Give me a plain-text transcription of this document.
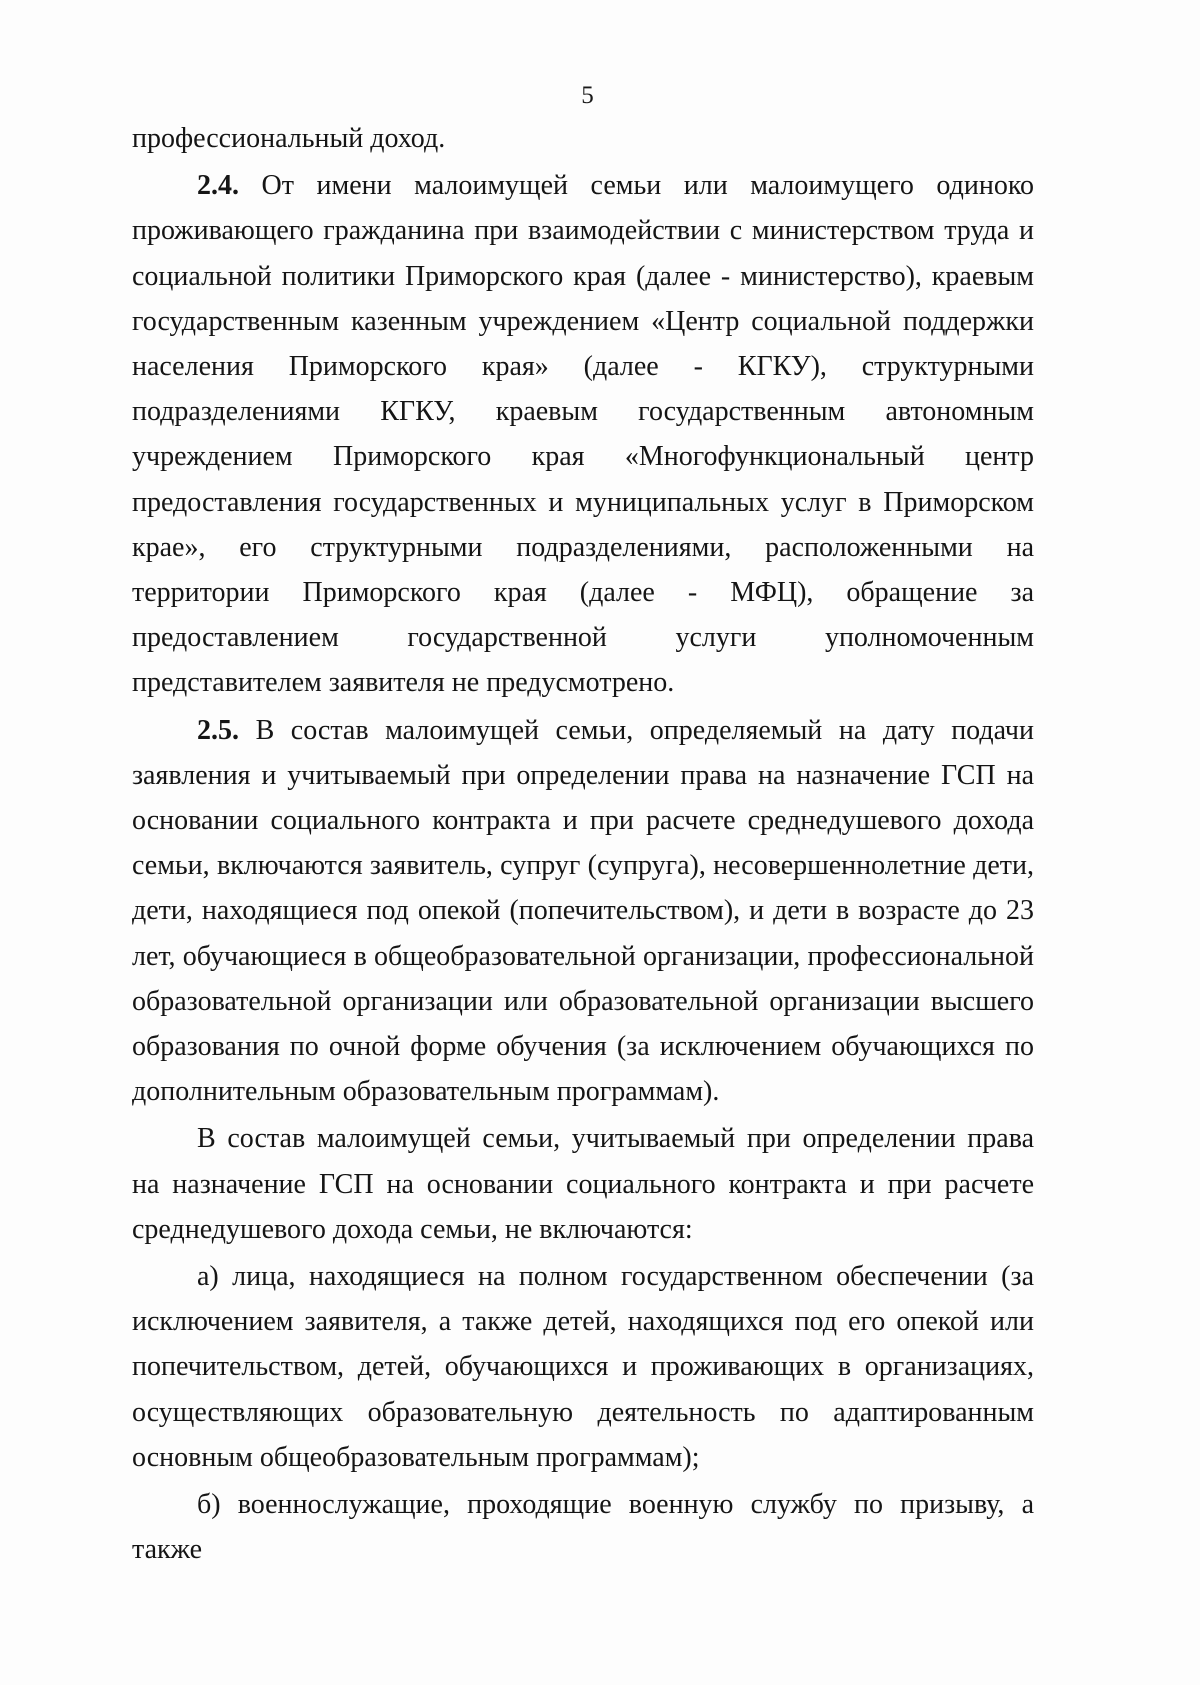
5

профессиональный доход.

2.4. От имени малоимущей семьи или малоимущего одиноко проживающего гражданина при взаимодействии с министерством труда и социальной политики Приморского края (далее - министерство), краевым государственным казенным учреждением «Центр социальной поддержки населения Приморского края» (далее - КГКУ), структурными подразделениями КГКУ, краевым государственным автономным учреждением Приморского края «Многофункциональный центр предоставления государственных и муниципальных услуг в Приморском крае», его структурными подразделениями, расположенными на территории Приморского края (далее - МФЦ), обращение за предоставлением государственной услуги уполномоченным представителем заявителя не предусмотрено.

2.5. В состав малоимущей семьи, определяемый на дату подачи заявления и учитываемый при определении права на назначение ГСП на основании социального контракта и при расчете среднедушевого дохода семьи, включаются заявитель, супруг (супруга), несовершеннолетние дети, дети, находящиеся под опекой (попечительством), и дети в возрасте до 23 лет, обучающиеся в общеобразовательной организации, профессиональной образовательной организации или образовательной организации высшего образования по очной форме обучения (за исключением обучающихся по дополнительным образовательным программам).

В состав малоимущей семьи, учитываемый при определении права на назначение ГСП на основании социального контракта и при расчете среднедушевого дохода семьи, не включаются:

а) лица, находящиеся на полном государственном обеспечении (за исключением заявителя, а также детей, находящихся под его опекой или попечительством, детей, обучающихся и проживающих в организациях, осуществляющих образовательную деятельность по адаптированным основным общеобразовательным программам);

б) военнослужащие, проходящие военную службу по призыву, а также
